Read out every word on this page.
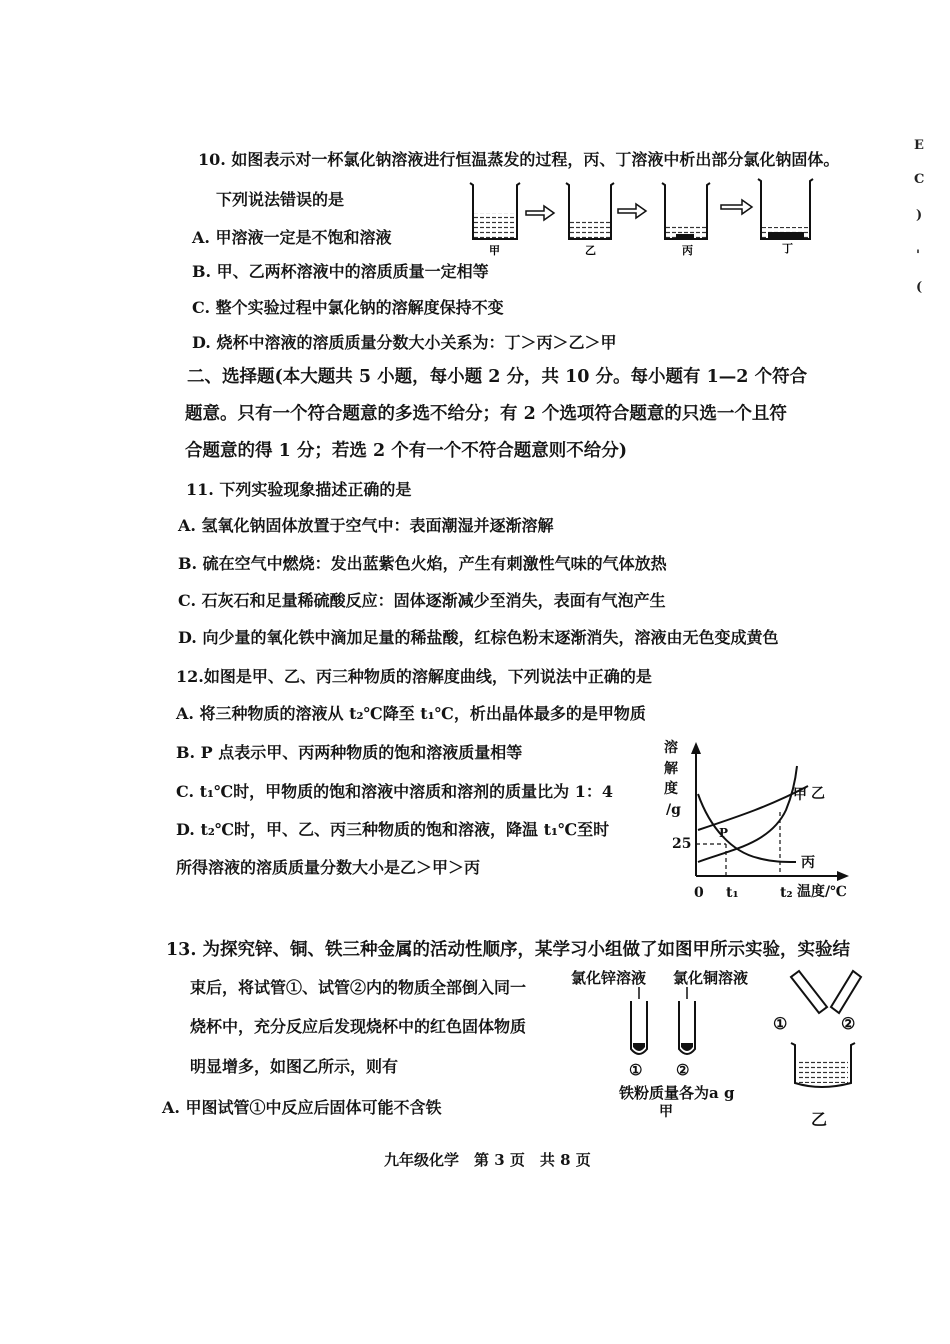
10. 如图表示对一杯氯化钠溶液进行恒温蒸发的过程，丙、丁溶液中析出部分氯化钠固体。
下列说法错误的是
A. 甲溶液一定是不饱和溶液
B. 甲、乙两杯溶液中的溶质质量一定相等
C. 整个实验过程中氯化钠的溶解度保持不变
D. 烧杯中溶液的溶质质量分数大小关系为：丁＞丙＞乙＞甲
甲	乙	丙	丁
二、选择题(本大题共 5 小题，每小题 2 分，共 10 分。每小题有 1—2 个符合
题意。只有一个符合题意的多选不给分；有 2 个选项符合题意的只选一个且符
合题意的得 1 分；若选 2 个有一个不符合题意则不给分)
11. 下列实验现象描述正确的是
A. 氢氧化钠固体放置于空气中：表面潮湿并逐渐溶解
B. 硫在空气中燃烧：发出蓝紫色火焰，产生有刺激性气味的气体放热
C. 石灰石和足量稀硫酸反应：固体逐渐减少至消失，表面有气泡产生
D. 向少量的氧化铁中滴加足量的稀盐酸，红棕色粉末逐渐消失，溶液由无色变成黄色
12.如图是甲、乙、丙三种物质的溶解度曲线，下列说法中正确的是
A. 将三种物质的溶液从 t₂℃降至 t₁℃，析出晶体最多的是甲物质
B. P 点表示甲、丙两种物质的饱和溶液质量相等
C. t₁℃时，甲物质的饱和溶液中溶质和溶剂的质量比为 1：4
D. t₂℃时，甲、乙、丙三种物质的饱和溶液，降温 t₁℃至时
所得溶液的溶质质量分数大小是乙＞甲＞丙
溶
解
度
/g
25
0 t₁	t₂ 温度/℃
P
甲 乙
丙
13. 为探究锌、铜、铁三种金属的活动性顺序，某学习小组做了如图甲所示实验，实验结
束后，将试管①、试管②内的物质全部倒入同一
烧杯中，充分反应后发现烧杯中的红色固体物质
明显增多，如图乙所示，则有
A. 甲图试管①中反应后固体可能不含铁
氯化锌溶液 氯化铜溶液
① ②
铁粉质量各为a g
甲	乙
①	②
九年级化学　第 3 页　共 8 页
E
C
)
'
(
